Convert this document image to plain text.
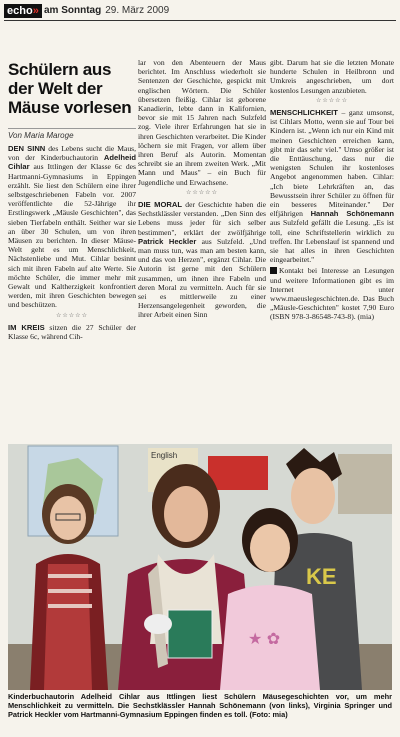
echo» am Sonntag 29. März 2009
Schülern aus der Welt der Mäuse vorlesen
Von Maria Maroge

DEN SINN des Lebens sucht die Maus, von der Kinderbuchautorin Adelheid Cihlar aus Ittlingen der Klasse 6c des Hartmanni-Gymnasiums in Eppingen erzählt. Sie liest den Schülern eine ihrer selbstgeschriebenen Fabeln vor. 2007 veröffentlichte die 52-Jährige ihr Erstlingswerk „Mäusle Geschichten", das sieben Tierfabeln enthält. Seither war sie an über 30 Schulen, um von ihren Mäusen zu berichten. In dieser Mäuse-Welt geht es um Menschlichkeit, Nächstenliebe und Mut. Cihlar besinnt sich mit ihren Fabeln auf alte Werte. Sie möchte Schüler, die immer mehr mit Gewalt und Kaltherzigkeit konfrontiert werden, mit ihren Geschichten bewegen und beschützen.

☆☆☆☆☆

IM KREIS sitzen die 27 Schüler der Klasse 6c, während Cih-

lar von den Abenteuern der Maus berichtet. Im Anschluss wiederholt sie Sentenzen der Geschichte, gespickt mit englischen Wörtern. Die Schüler übersetzen fleißig. Cihlar ist geborene Kanadierin, lebte dann in Kalifornien, bevor sie mit 15 Jahren nach Sulzfeld zog. Viele ihrer Erfahrungen hat sie in ihren Geschichten verarbeitet. Die Kinder löchern sie mit Fragen, vor allem über ihren Beruf als Autorin. Momentan schreibt sie an ihrem zweiten Werk. „Mit Mann und Maus" – ein Buch für Jugendliche und Erwachsene.

☆☆☆☆☆

DIE MORAL der Geschichte haben die Sechstklässler verstanden. „Den Sinn des Lebens muss jeder für sich selber bestimmen", erklärt der zwölfjährige Patrick Heckler aus Sulzfeld. „Und man muss tun, was man am besten kann, und das von Herzen", ergänzt Cihlar. Die Autorin ist gerne mit den Schülern zusammen, um ihnen ihre Fabeln und deren Moral zu vermitteln. Auch für sie sei es mittlerweile zu einer Herzensangelegenheit geworden, die ihrer Arbeit einen Sinn

gibt. Darum hat sie die letzten Monate hunderte Schulen in Heilbronn und Umkreis angeschrieben, um dort kostenlos Lesungen anzubieten.

☆☆☆☆☆

MENSCHLICHKEIT – ganz umsonst, ist Cihlars Motto, wenn sie auf Tour bei Kindern ist. „Wenn ich nur ein Kind mit meinen Geschichten erreichen kann, gibt mir das sehr viel." Umso größer ist die Enttäuschung, dass nur die wenigsten Schulen ihr kostenloses Angebot angenommen haben. Cihlar: „Ich biete Lehrkräften an, das Bewusstsein ihrer Schüler zu öffnen für ein besseres Miteinander." Der elfjährigen Hannah Schönemann aus Sulzfeld gefällt die Lesung. „Es ist toll, eine Schriftstellerin wirklich zu treffen. Ihr Lebenslauf ist spannend und sie hat alles in ihren Geschichten eingearbeitet."

Kontakt bei Interesse an Lesungen und weitere Informationen gibt es im Internet unter www.maeuslegeschichten.de. Das Buch „Mäusle-Geschichten" kostet 7,90 Euro (ISBN 978-3-86548-743-8). (mia)

English
KE
★ ✿
Kinderbuchautorin Adelheid Cihlar aus Ittlingen liest Schülern Mäusegeschichten vor, um mehr Menschlichkeit zu vermitteln. Die Sechstklässler Hannah Schönemann (von links), Virginia Springer und Patrick Heckler vom Hartmanni-Gymnasium Eppingen finden es toll. (Foto: mia)
